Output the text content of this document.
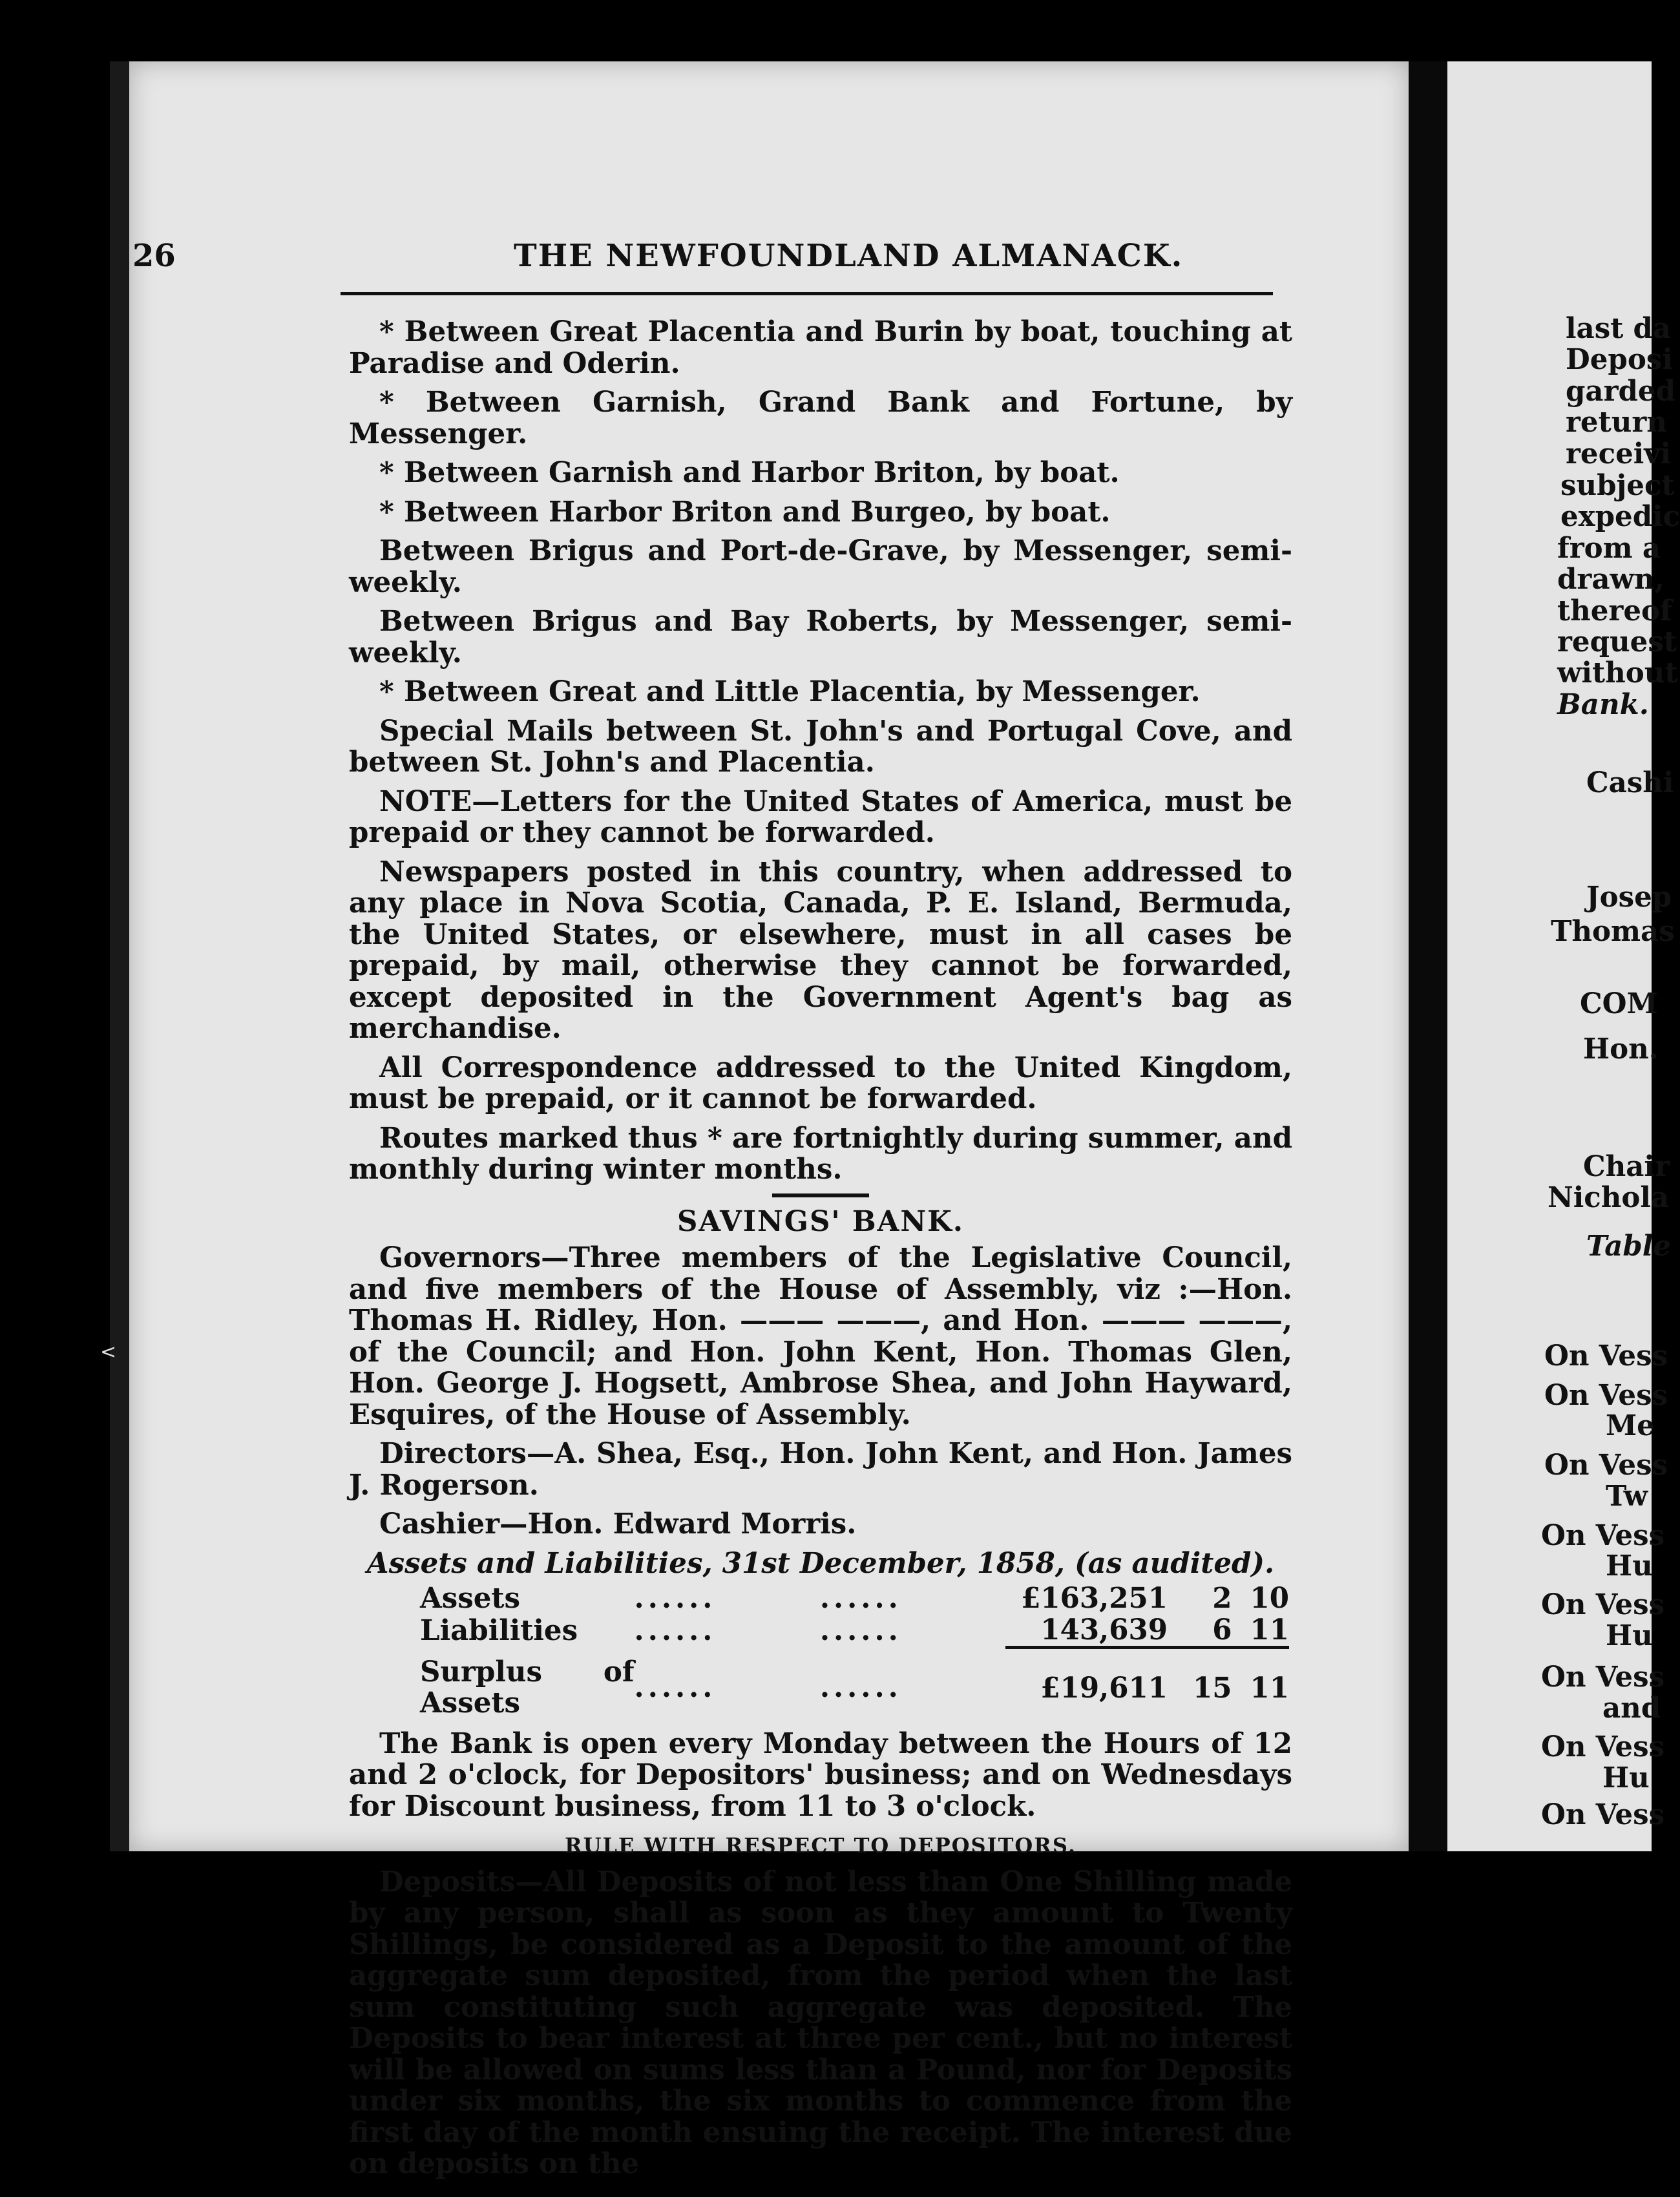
<
26	THE NEWFOUNDLAND ALMANACK.

* Between Great Placentia and Burin by boat, touching at Paradise and Oderin.

* Between Garnish, Grand Bank and Fortune, by Messenger.

* Between Garnish and Harbor Briton, by boat.

* Between Harbor Briton and Burgeo, by boat.

Between Brigus and Port-de-Grave, by Messenger, semi-weekly.

Between Brigus and Bay Roberts, by Messenger, semi-weekly.

* Between Great and Little Placentia, by Messenger.

Special Mails between St. John's and Portugal Cove, and between St. John's and Placentia.

NOTE—Letters for the United States of America, must be prepaid or they cannot be forwarded.

Newspapers posted in this country, when addressed to any place in Nova Scotia, Canada, P. E. Island, Bermuda, the United States, or elsewhere, must in all cases be prepaid, by mail, otherwise they cannot be forwarded, except deposited in the Government Agent's bag as merchandise.

All Correspondence addressed to the United Kingdom, must be prepaid, or it cannot be forwarded.

Routes marked thus * are fortnightly during summer, and monthly during winter months.

SAVINGS' BANK.

Governors—Three members of the Legislative Council, and five members of the House of Assembly, viz :—Hon. Thomas H. Ridley, Hon. ——— ———, and Hon. ——— ———, of the Council; and Hon. John Kent, Hon. Thomas Glen, Hon. George J. Hogsett, Ambrose Shea, and John Hayward, Esquires, of the House of Assembly.

Directors—A. Shea, Esq., Hon. John Kent, and Hon. James J. Rogerson.

Cashier—Hon. Edward Morris.

Assets and Liabilities, 31st December, 1858, (as audited).
Assets	......	......	£163,251	2	10
Liabilities	......	......	143,639	6	11
Surplus of Assets	......	......	£19,611	15	11

The Bank is open every Monday between the Hours of 12 and 2 o'clock, for Depositors' business; and on Wednesdays for Discount business, from 11 to 3 o'clock.

RULE WITH RESPECT TO DEPOSITORS.

Deposits—All Deposits of not less than One Shilling made by any person, shall as soon as they amount to Twenty Shillings, be considered as a Deposit to the amount of the aggregate sum deposited, from the period when the last sum constituting such aggregate was deposited. The Deposits to bear interest at three per cent., but no interest will be allowed on sums less than a Pound, nor for Deposits under six months, the six months to commence from the first day of the month ensuing the receipt. The interest due on deposits on the

last da
Deposi
garded
return
receivi
subject
expedic
from a
drawn,
thereof
request
without
Bank.
Cashi
Josep
Thomas
COM
Hon.
Chair
Nichola
Table
On Vess
On Vess
Me
On Vess
Tw
On Vess
Hu
On Vess
Hu
On Vess
and
On Vess
Hu
On Vess
